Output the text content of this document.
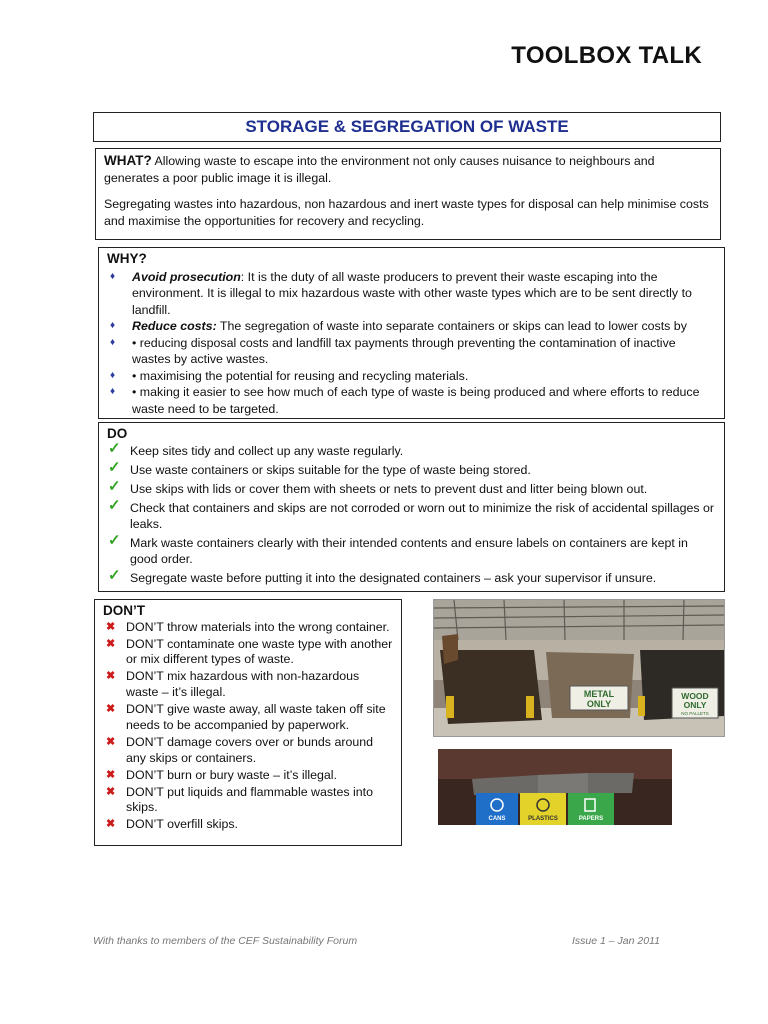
TOOLBOX TALK
STORAGE & SEGREGATION OF WASTE

WHAT? Allowing waste to escape into the environment not only causes nuisance to neighbours and generates a poor public image it is illegal.

Segregating wastes into hazardous, non hazardous and inert waste types for disposal can help minimise costs and maximise the opportunities for recovery and recycling.

WHY?
♦ Avoid prosecution: It is the duty of all waste producers to prevent their waste escaping into the environment. It is illegal to mix hazardous waste with other waste types which are to be sent directly to landfill.
♦ Reduce costs: The segregation of waste into separate containers or skips can lead to lower costs by
♦ • reducing disposal costs and landfill tax payments through preventing the contamination of inactive wastes by active wastes.
♦ • maximising the potential for reusing and recycling materials.
♦ • making it easier to see how much of each type of waste is being produced and where efforts to reduce waste need to be targeted.
DO
✓ Keep sites tidy and collect up any waste regularly.
✓ Use waste containers or skips suitable for the type of waste being stored.
✓ Use skips with lids or cover them with sheets or nets to prevent dust and litter being blown out.
✓ Check that containers and skips are not corroded or worn out to minimize the risk of accidental spillages or leaks.
✓ Mark waste containers clearly with their intended contents and ensure labels on containers are kept in good order.
✓ Segregate waste before putting it into the designated containers – ask your supervisor if unsure.
DON’T
✖ DON’T throw materials into the wrong container.
✖ DON’T contaminate one waste type with another or mix different types of waste.
✖ DON’T mix hazardous with non-hazardous waste – it’s illegal.
✖ DON’T give waste away, all waste taken off site needs to be accompanied by paperwork.
✖ DON’T damage covers over or bunds around any skips or containers.
✖ DON’T burn or bury waste – it’s illegal.
✖ DON’T put liquids and flammable wastes into skips.
✖ DON’T overfill skips.
METAL
ONLY
WOOD
ONLY
NO PALLETS
CANS	PLASTICS	PAPERS
With thanks to members of the CEF Sustainability Forum	Issue 1 – Jan 2011
